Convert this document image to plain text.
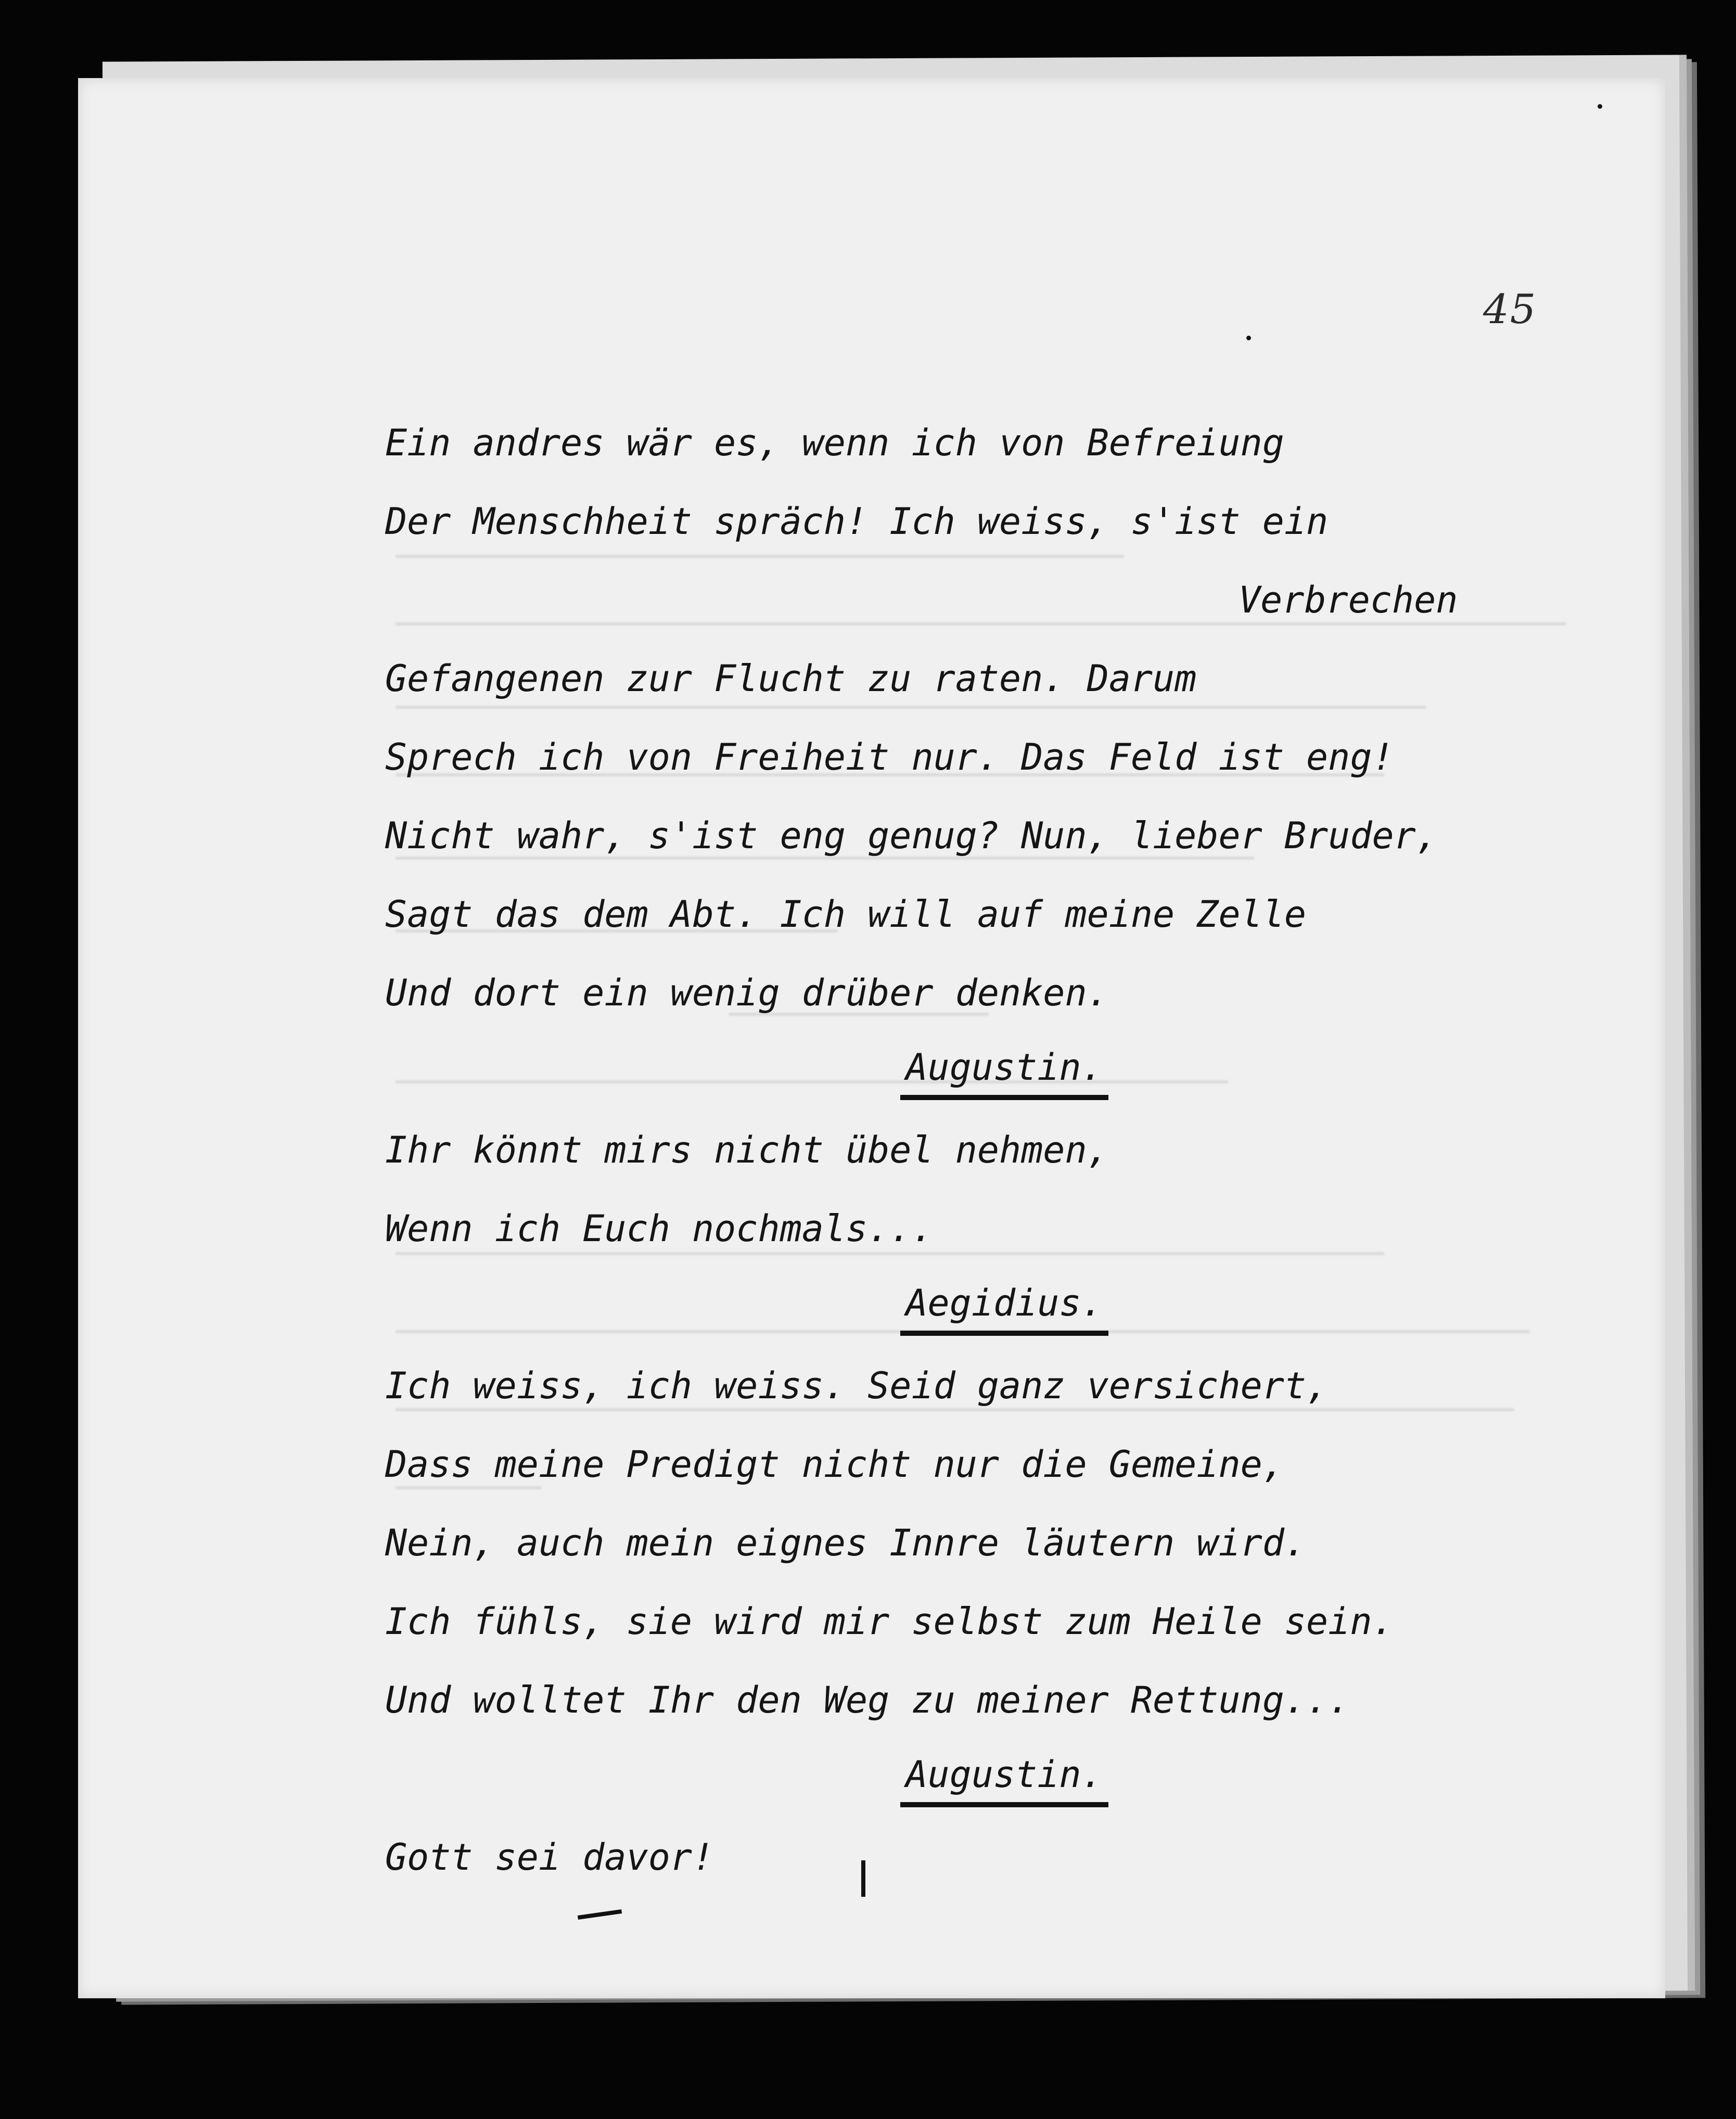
45
Ein andres wär es, wenn ich von Befreiung
Der Menschheit spräch! Ich weiss, s'ist ein
Verbrechen
Gefangenen zur Flucht zu raten. Darum
Sprech ich von Freiheit nur. Das Feld ist eng!
Nicht wahr, s'ist eng genug? Nun, lieber Bruder,
Sagt das dem Abt. Ich will auf meine Zelle
Und dort ein wenig drüber denken.
Augustin.
Ihr könnt mirs nicht übel nehmen,
Wenn ich Euch nochmals...
Aegidius.
Ich weiss, ich weiss. Seid ganz versichert,
Dass meine Predigt nicht nur die Gemeine,
Nein, auch mein eignes Innre läutern wird.
Ich fühls, sie wird mir selbst zum Heile sein.
Und wolltet Ihr den Weg zu meiner Rettung...
Augustin.
Gott sei davor!
